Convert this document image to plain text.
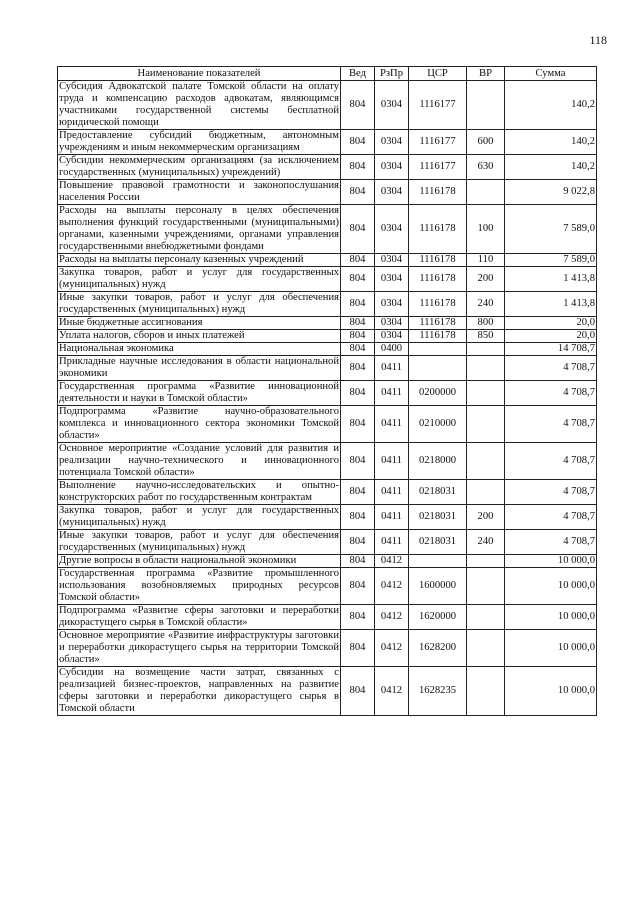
118
Наименование показателей	Вед	РзПр	ЦСР	ВР	Сумма
Субсидия Адвокатской палате Томской области на оплату труда и компенсацию расходов адвокатам, являющимся участниками государственной системы бесплатной юридической помощи	804	0304	1116177		140,2
Предоставление субсидий бюджетным, автономным учреждениям и иным некоммерческим организациям	804	0304	1116177	600	140,2
Субсидии некоммерческим организациям (за исключением государственных (муниципальных) учреждений)	804	0304	1116177	630	140,2
Повышение правовой грамотности и законопослушания населения России	804	0304	1116178		9 022,8
Расходы на выплаты персоналу в целях обеспечения выполнения функций государственными (муниципальными) органами, казенными учреждениями, органами управления государственными внебюджетными фондами	804	0304	1116178	100	7 589,0
Расходы на выплаты персоналу казенных учреждений	804	0304	1116178	110	7 589,0
Закупка товаров, работ и услуг для государственных (муниципальных) нужд	804	0304	1116178	200	1 413,8
Иные закупки товаров, работ и услуг для обеспечения государственных (муниципальных) нужд	804	0304	1116178	240	1 413,8
Иные бюджетные ассигнования	804	0304	1116178	800	20,0
Уплата налогов, сборов и иных платежей	804	0304	1116178	850	20,0
Национальная экономика	804	0400			14 708,7
Прикладные научные исследования в области национальной экономики	804	0411			4 708,7
Государственная программа «Развитие инновационной деятельности и науки в Томской области»	804	0411	0200000		4 708,7
Подпрограмма «Развитие научно-образовательного комплекса и инновационного сектора экономики Томской области»	804	0411	0210000		4 708,7
Основное мероприятие «Создание условий для развития и реализации научно-технического и инновационного потенциала Томской области»	804	0411	0218000		4 708,7
Выполнение научно-исследовательских и опытно-конструкторских работ по государственным контрактам	804	0411	0218031		4 708,7
Закупка товаров, работ и услуг для государственных (муниципальных) нужд	804	0411	0218031	200	4 708,7
Иные закупки товаров, работ и услуг для обеспечения государственных (муниципальных) нужд	804	0411	0218031	240	4 708,7
Другие вопросы в области национальной экономики	804	0412			10 000,0
Государственная программа «Развитие промышленного использования возобновляемых природных ресурсов Томской области»	804	0412	1600000		10 000,0
Подпрограмма «Развитие сферы заготовки и переработки дикорастущего сырья в Томской области»	804	0412	1620000		10 000,0
Основное мероприятие «Развитие инфраструктуры заготовки и переработки дикорастущего сырья на территории Томской области»	804	0412	1628200		10 000,0
Субсидии на возмещение части затрат, связанных с реализацией бизнес-проектов, направленных на развитие сферы заготовки и переработки дикорастущего сырья в Томской области	804	0412	1628235		10 000,0
